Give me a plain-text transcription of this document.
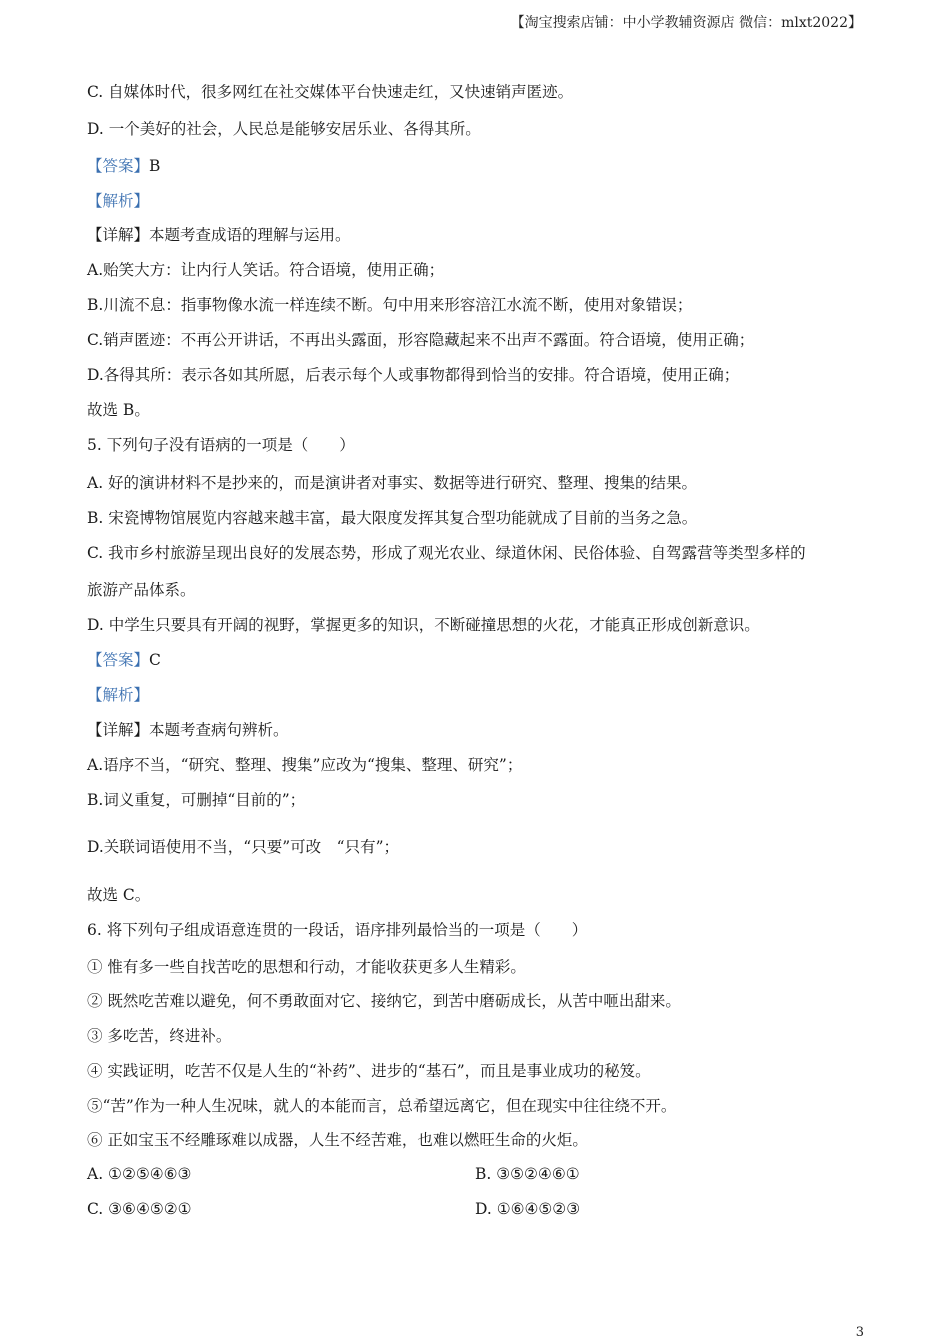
【淘宝搜索店铺：中小学教辅资源店 微信：mlxt2022】
C. 自媒体时代，很多网红在社交媒体平台快速走红，又快速销声匿迹。
D. 一个美好的社会，人民总是能够安居乐业、各得其所。
【答案】B
【解析】
【详解】本题考查成语的理解与运用。
A.贻笑大方：让内行人笑话。符合语境，使用正确；
B.川流不息：指事物像水流一样连续不断。句中用来形容涪江水流不断，使用对象错误；
C.销声匿迹：不再公开讲话，不再出头露面，形容隐藏起来不出声不露面。符合语境，使用正确；
D.各得其所：表示各如其所愿，后表示每个人或事物都得到恰当的安排。符合语境，使用正确；
故选 B。
5. 下列句子没有语病的一项是（　　）
A. 好的演讲材料不是抄来的，而是演讲者对事实、数据等进行研究、整理、搜集的结果。
B. 宋瓷博物馆展览内容越来越丰富，最大限度发挥其复合型功能就成了目前的当务之急。
C. 我市乡村旅游呈现出良好的发展态势，形成了观光农业、绿道休闲、民俗体验、自驾露营等类型多样的
旅游产品体系。
D. 中学生只要具有开阔的视野，掌握更多的知识，不断碰撞思想的火花，才能真正形成创新意识。
【答案】C
【解析】
【详解】本题考查病句辨析。
A.语序不当，“研究、整理、搜集”应改为“搜集、整理、研究”；
B.词义重复，可删掉“目前的”；
D.关联词语使用不当，“只要”可改　“只有”；
故选 C。
6. 将下列句子组成语意连贯的一段话，语序排列最恰当的一项是（　　）
① 惟有多一些自找苦吃的思想和行动，才能收获更多人生精彩。
② 既然吃苦难以避免，何不勇敢面对它、接纳它，到苦中磨砺成长，从苦中咂出甜来。
③ 多吃苦，终进补。
④ 实践证明，吃苦不仅是人生的“补药”、进步的“基石”，而且是事业成功的秘笈。
⑤“苦”作为一种人生况味，就人的本能而言，总希望远离它，但在现实中往往绕不开。
⑥ 正如宝玉不经雕琢难以成器，人生不经苦难，也难以燃旺生命的火炬。
A. ①②⑤④⑥③	B. ③⑤②④⑥①
C. ③⑥④⑤②①	D. ①⑥④⑤②③
3
